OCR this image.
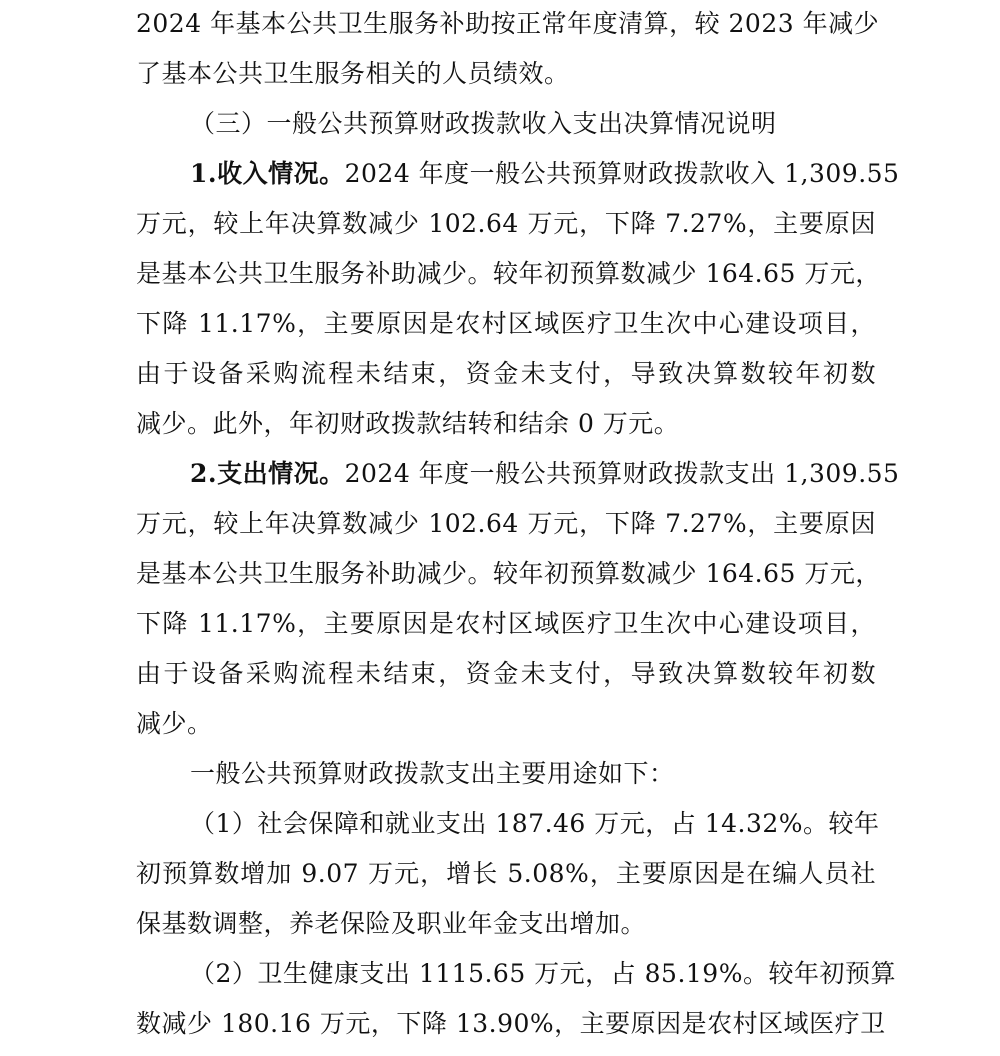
2024 年基本公共卫生服务补助按正常年度清算，较 2023 年减少
了基本公共卫生服务相关的人员绩效。
（三）一般公共预算财政拨款收入支出决算情况说明
1.收入情况。2024 年度一般公共预算财政拨款收入 1,309.55
万元，较上年决算数减少 102.64 万元，下降 7.27%，主要原因
是基本公共卫生服务补助减少。较年初预算数减少 164.65 万元，
下降 11.17%，主要原因是农村区域医疗卫生次中心建设项目，
由于设备采购流程未结束，资金未支付，导致决算数较年初数
减少。此外，年初财政拨款结转和结余 0 万元。
2.支出情况。2024 年度一般公共预算财政拨款支出 1,309.55
万元，较上年决算数减少 102.64 万元，下降 7.27%，主要原因
是基本公共卫生服务补助减少。较年初预算数减少 164.65 万元，
下降 11.17%，主要原因是农村区域医疗卫生次中心建设项目，
由于设备采购流程未结束，资金未支付，导致决算数较年初数
减少。
一般公共预算财政拨款支出主要用途如下：
（1）社会保障和就业支出 187.46 万元，占 14.32%。较年
初预算数增加 9.07 万元，增长 5.08%，主要原因是在编人员社
保基数调整，养老保险及职业年金支出增加。
（2）卫生健康支出 1115.65 万元，占 85.19%。较年初预算
数减少 180.16 万元，下降 13.90%，主要原因是农村区域医疗卫
